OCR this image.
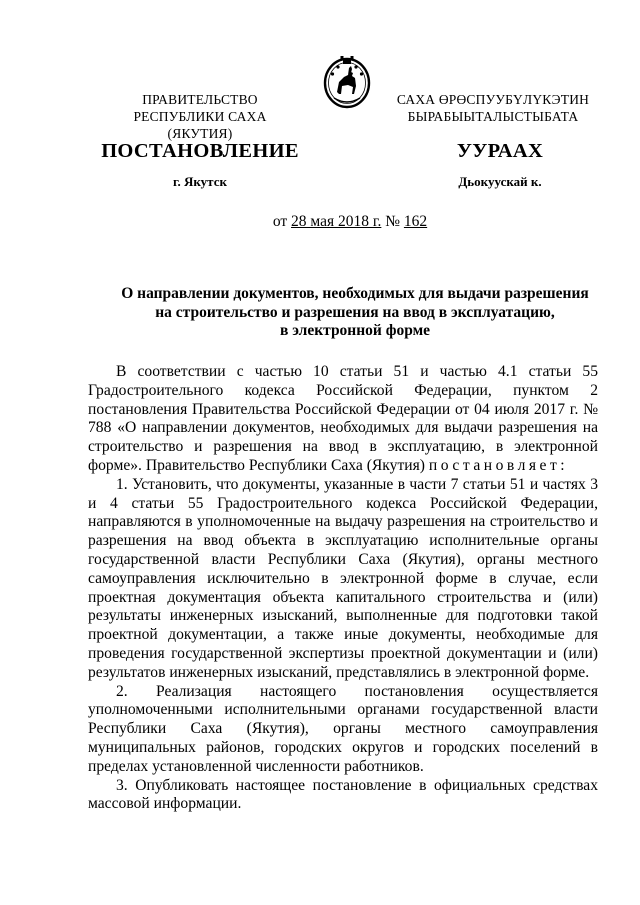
ПРАВИТЕЛЬСТВО
РЕСПУБЛИКИ САХА (ЯКУТИЯ)
САХА ӨРӨСПУУБҮЛҮКЭТИН
БЫРАБЫЫТАЛЫСТЫБАТА
ПОСТАНОВЛЕНИЕ	УУРААХ
г. Якутск	Дьокуускай к.
от 28 мая 2018 г. № 162
О направлении документов, необходимых для выдачи разрешения
на строительство и разрешения на ввод в эксплуатацию,
в электронной форме

В соответствии с частью 10 статьи 51 и частью 4.1 статьи 55 Градостроительного кодекса Российской Федерации, пунктом 2 постановления Правительства Российской Федерации от 04 июля 2017 г. № 788 «О направлении документов, необходимых для выдачи разрешения на строительство и разрешения на ввод в эксплуатацию, в электронной форме». Правительство Республики Саха (Якутия) постановляет:

1. Установить, что документы, указанные в части 7 статьи 51 и частях 3 и 4 статьи 55 Градостроительного кодекса Российской Федерации, направляются в уполномоченные на выдачу разрешения на строительство и разрешения на ввод объекта в эксплуатацию исполнительные органы государственной власти Республики Саха (Якутия), органы местного самоуправления исключительно в электронной форме в случае, если проектная документация объекта капитального строительства и (или) результаты инженерных изысканий, выполненные для подготовки такой проектной документации, а также иные документы, необходимые для проведения государственной экспертизы проектной документации и (или) результатов инженерных изысканий, представлялись в электронной форме.

2. Реализация настоящего постановления осуществляется уполномоченными исполнительными органами государственной власти Республики Саха (Якутия), органы местного самоуправления муниципальных районов, городских округов и городских поселений в пределах установленной численности работников.

3. Опубликовать настоящее постановление в официальных средствах массовой информации.
